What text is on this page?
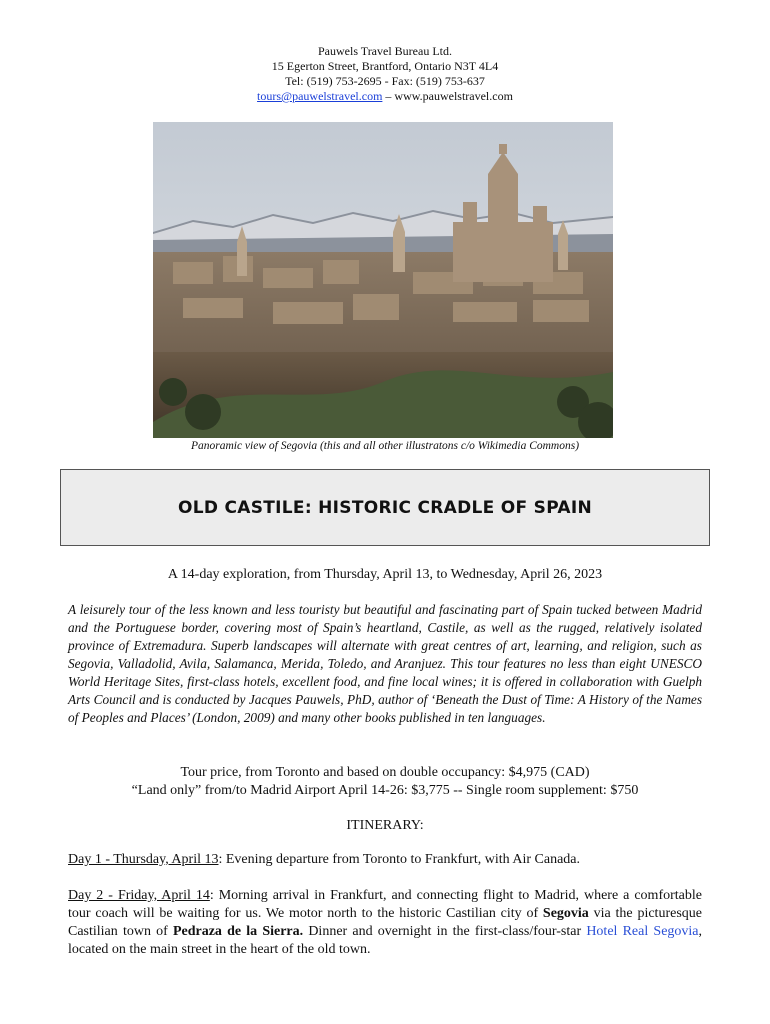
Pauwels Travel Bureau Ltd.
15 Egerton Street, Brantford, Ontario N3T 4L4
Tel: (519) 753-2695 - Fax: (519) 753-637
tours@pauwelstravel.com – www.pauwelstravel.com
Panoramic view of Segovia (this and all other illustratons c/o Wikimedia Commons)
OLD CASTILE: HISTORIC CRADLE OF SPAIN
A 14-day exploration, from Thursday, April 13, to Wednesday, April 26, 2023

A leisurely tour of the less known and less touristy but beautiful and fascinating part of Spain tucked between Madrid and the Portuguese border, covering most of Spain’s heartland, Castile, as well as the rugged, relatively isolated province of Extremadura. Superb landscapes will alternate with great centres of art, learning, and religion, such as Segovia, Valladolid, Avila, Salamanca, Merida, Toledo, and Aranjuez. This tour features no less than eight UNESCO World Heritage Sites, first-class hotels, excellent food, and fine local wines; it is offered in collaboration with Guelph Arts Council and is conducted by Jacques Pauwels, PhD, author of ‘Beneath the Dust of Time: A History of the Names of Peoples and Places’ (London, 2009) and many other books published in ten languages.

Tour price, from Toronto and based on double occupancy: $4,975 (CAD)
“Land only” from/to Madrid Airport April 14-26: $3,775 -- Single room supplement: $750
ITINERARY:

Day 1 - Thursday, April 13: Evening departure from Toronto to Frankfurt, with Air Canada.

Day 2 - Friday, April 14: Morning arrival in Frankfurt, and connecting flight to Madrid, where a comfortable tour coach will be waiting for us. We motor north to the historic Castilian city of Segovia via the picturesque Castilian town of Pedraza de la Sierra. Dinner and overnight in the first-class/four-star Hotel Real Segovia, located on the main street in the heart of the old town.
